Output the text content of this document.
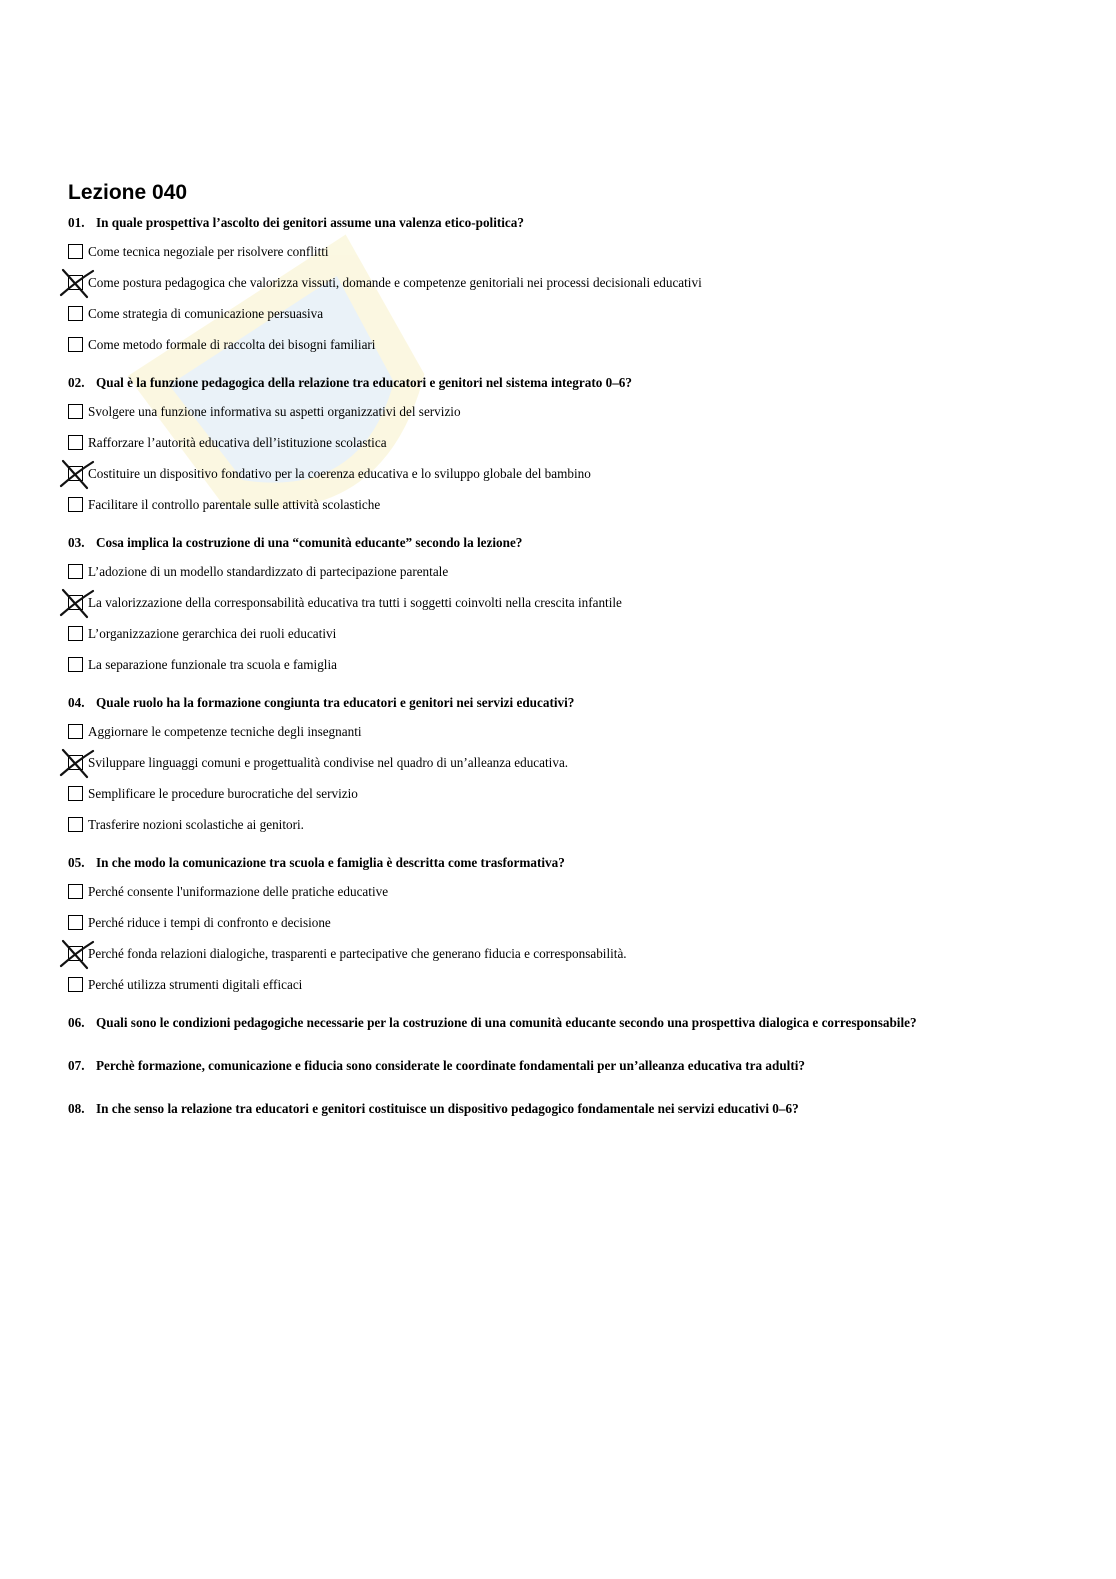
Lezione 040

01. In quale prospettiva l’ascolto dei genitori assume una valenza etico-politica?

Come tecnica negoziale per risolvere conflitti
Come postura pedagogica che valorizza vissuti, domande e competenze genitoriali nei processi decisionali educativi
Come strategia di comunicazione persuasiva
Come metodo formale di raccolta dei bisogni familiari

02. Qual è la funzione pedagogica della relazione tra educatori e genitori nel sistema integrato 0–6?

Svolgere una funzione informativa su aspetti organizzativi del servizio
Rafforzare l’autorità educativa dell’istituzione scolastica
Costituire un dispositivo fondativo per la coerenza educativa e lo sviluppo globale del bambino
Facilitare il controllo parentale sulle attività scolastiche

03. Cosa implica la costruzione di una “comunità educante” secondo la lezione?

L’adozione di un modello standardizzato di partecipazione parentale
La valorizzazione della corresponsabilità educativa tra tutti i soggetti coinvolti nella crescita infantile
L’organizzazione gerarchica dei ruoli educativi
La separazione funzionale tra scuola e famiglia

04. Quale ruolo ha la formazione congiunta tra educatori e genitori nei servizi educativi?

Aggiornare le competenze tecniche degli insegnanti
Sviluppare linguaggi comuni e progettualità condivise nel quadro di un’alleanza educativa.
Semplificare le procedure burocratiche del servizio
Trasferire nozioni scolastiche ai genitori.

05. In che modo la comunicazione tra scuola e famiglia è descritta come trasformativa?

Perché consente l'uniformazione delle pratiche educative
Perché riduce i tempi di confronto e decisione
Perché fonda relazioni dialogiche, trasparenti e partecipative che generano fiducia e corresponsabilità.
Perché utilizza strumenti digitali efficaci

06. Quali sono le condizioni pedagogiche necessarie per la costruzione di una comunità educante secondo una prospettiva dialogica e corresponsabile?

07. Perchè formazione, comunicazione e fiducia sono considerate le coordinate fondamentali per un’alleanza educativa tra adulti?

08. In che senso la relazione tra educatori e genitori costituisce un dispositivo pedagogico fondamentale nei servizi educativi 0–6?
